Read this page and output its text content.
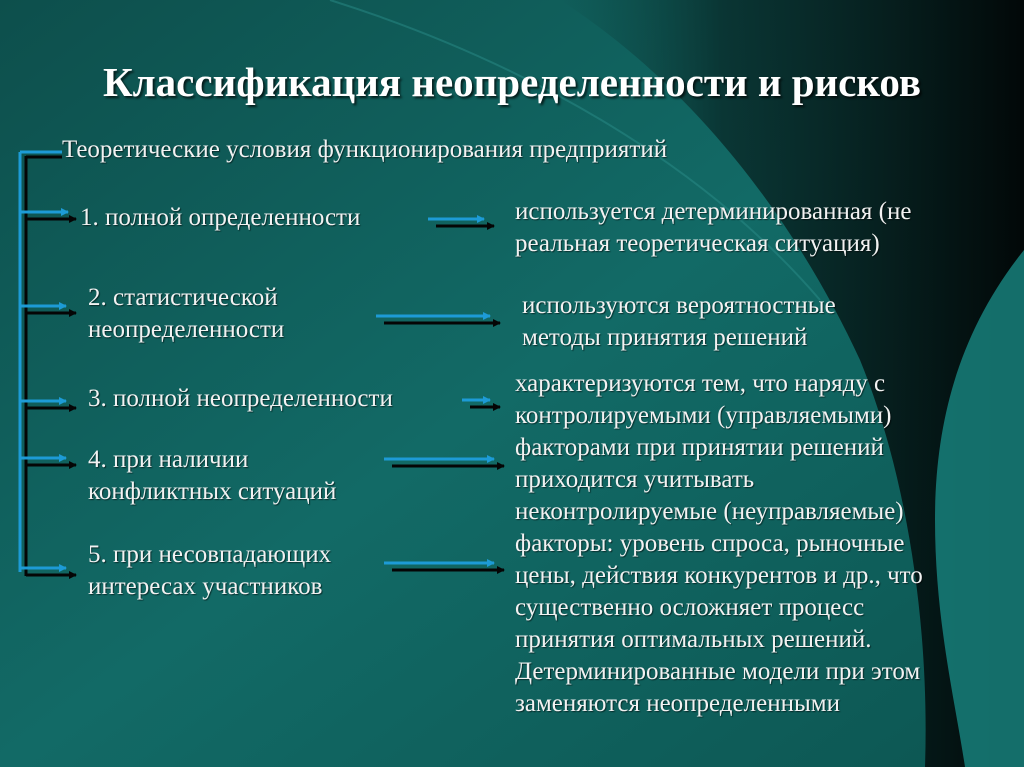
Классификация неопределенности и рисков

Теоретические условия функционирования предприятий

1. полной определенности

2. статистической
неопределенности

3. полной неопределенности

4. при наличии
конфликтных ситуаций

5. при несовпадающих
интересах участников

используется детерминированная (не
реальная теоретическая ситуация)

используются вероятностные
методы принятия решений

характеризуются тем, что наряду с
контролируемыми (управляемыми)
факторами при принятии решений
приходится учитывать
неконтролируемые (неуправляемые)
факторы: уровень спроса, рыночные
цены, действия конкурентов и др., что
существенно осложняет процесс
принятия оптимальных решений.
Детерминированные модели при этом
заменяются неопределенными
